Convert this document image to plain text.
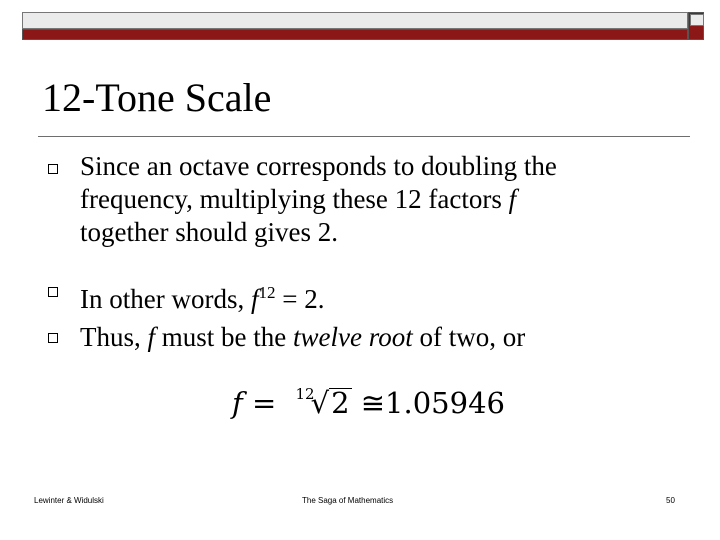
12-Tone Scale
Since an octave corresponds to doubling the
frequency, multiplying these 12 factors f
together should gives 2.
In other words, $f^{12} = 2$.
Thus, f must be the twelve root of two, or
f = $^{12}$√2 ≅1.05946
Lewinter & Widulski	The Saga of Mathematics	50
